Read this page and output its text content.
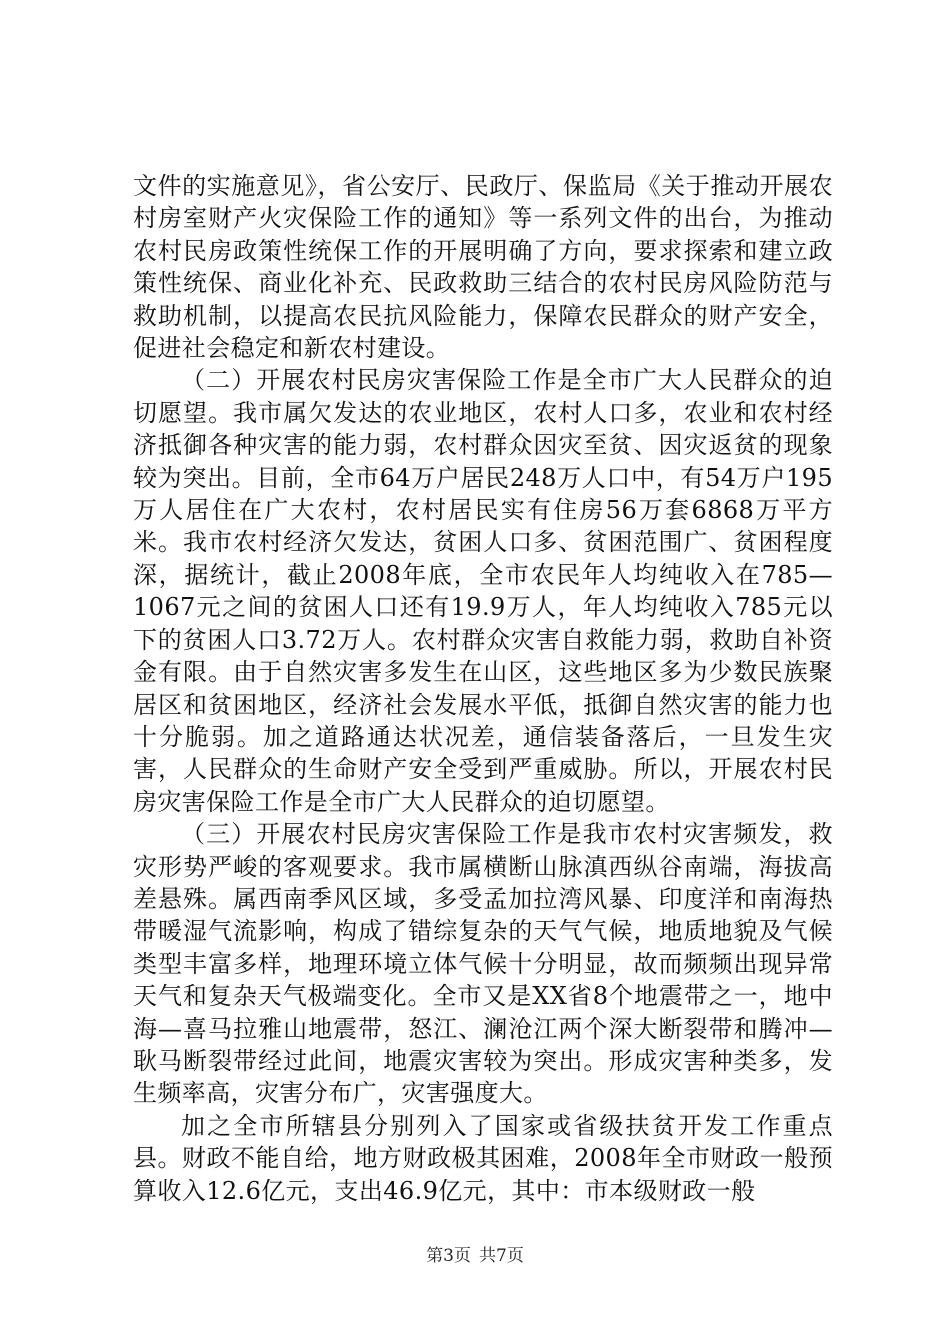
文件的实施意见》，省公安厅、民政厅、保监局《关于推动开展农村房室财产火灾保险工作的通知》等一系列文件的出台，为推动农村民房政策性统保工作的开展明确了方向，要求探索和建立政策性统保、商业化补充、民政救助三结合的农村民房风险防范与救助机制，以提高农民抗风险能力，保障农民群众的财产安全，促进社会稳定和新农村建设。

（二）开展农村民房灾害保险工作是全市广大人民群众的迫切愿望。我市属欠发达的农业地区，农村人口多，农业和农村经济抵御各种灾害的能力弱，农村群众因灾至贫、因灾返贫的现象较为突出。目前，全市64万户居民248万人口中，有54万户195万人居住在广大农村，农村居民实有住房56万套6868万平方米。我市农村经济欠发达，贫困人口多、贫困范围广、贫困程度深，据统计，截止2008年底，全市农民年人均纯收入在785—1067元之间的贫困人口还有19.9万人，年人均纯收入785元以下的贫困人口3.72万人。农村群众灾害自救能力弱，救助自补资金有限。由于自然灾害多发生在山区，这些地区多为少数民族聚居区和贫困地区，经济社会发展水平低，抵御自然灾害的能力也十分脆弱。加之道路通达状况差，通信装备落后，一旦发生灾害，人民群众的生命财产安全受到严重威胁。所以，开展农村民房灾害保险工作是全市广大人民群众的迫切愿望。

（三）开展农村民房灾害保险工作是我市农村灾害频发，救灾形势严峻的客观要求。我市属横断山脉滇西纵谷南端，海拔高差悬殊。属西南季风区域，多受孟加拉湾风暴、印度洋和南海热带暖湿气流影响，构成了错综复杂的天气气候，地质地貌及气候类型丰富多样，地理环境立体气候十分明显，故而频频出现异常天气和复杂天气极端变化。全市又是XX省8个地震带之一，地中海—喜马拉雅山地震带，怒江、澜沧江两个深大断裂带和腾冲—耿马断裂带经过此间，地震灾害较为突出。形成灾害种类多，发生频率高，灾害分布广，灾害强度大。

加之全市所辖县分别列入了国家或省级扶贫开发工作重点县。财政不能自给，地方财政极其困难，2008年全市财政一般预算收入12.6亿元，支出46.9亿元，其中：市本级财政一般

第3页 共7页
